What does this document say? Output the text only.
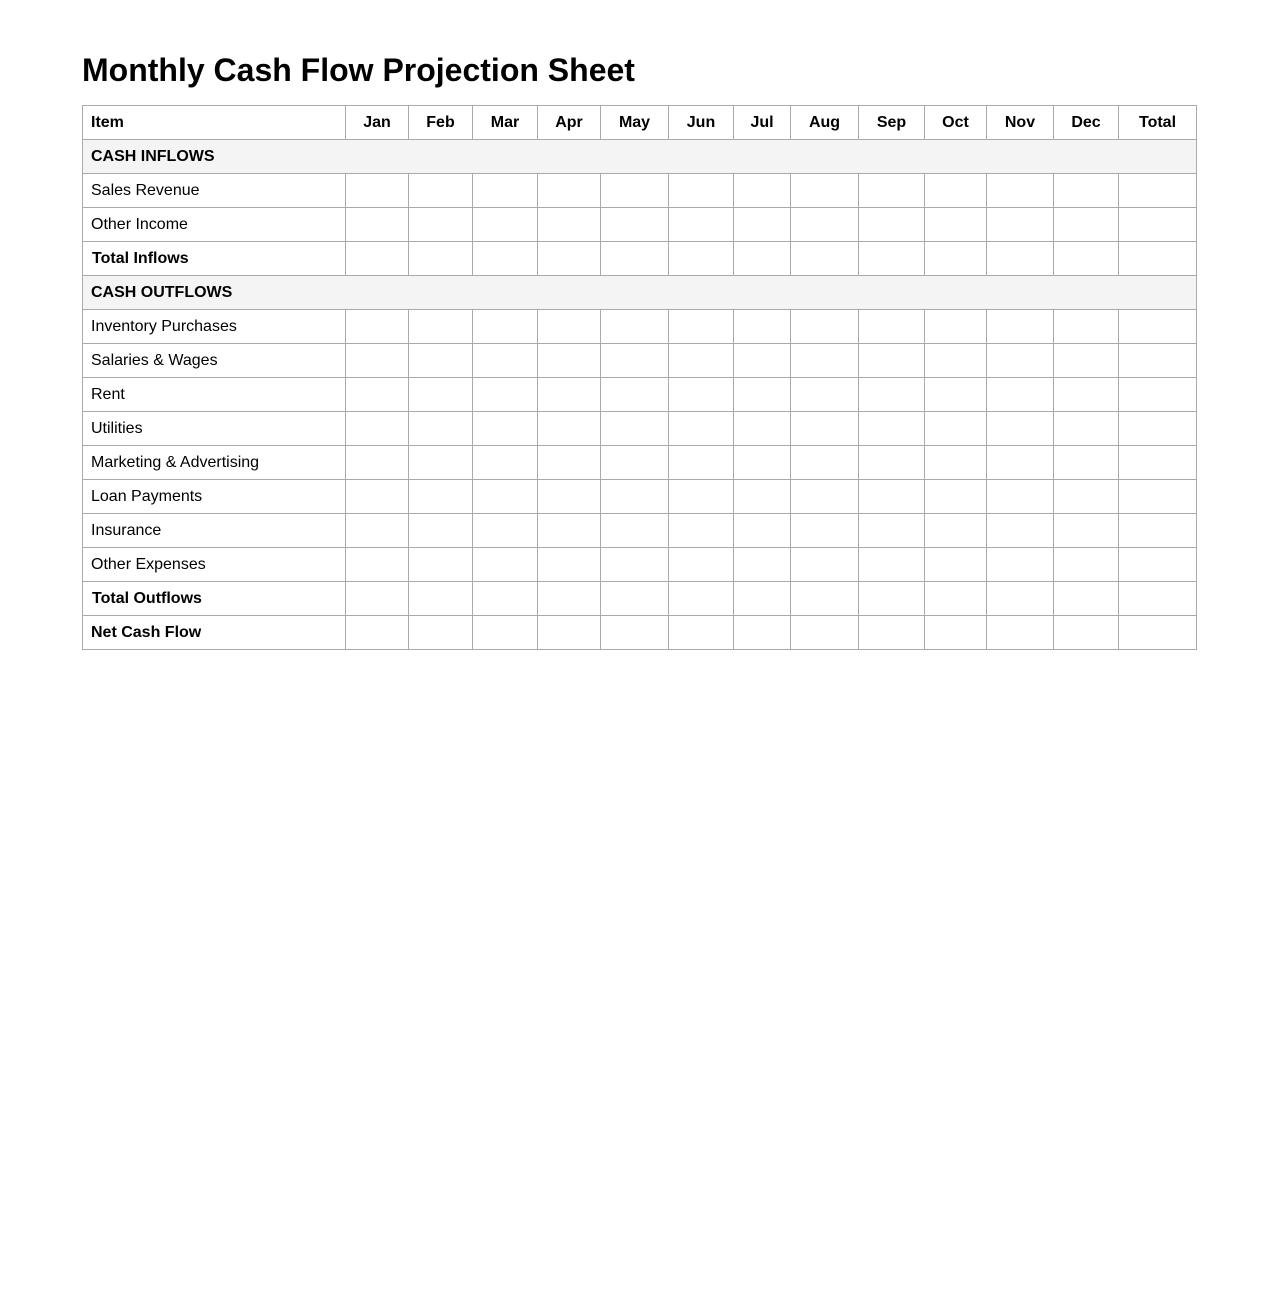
Monthly Cash Flow Projection Sheet
Item	Jan	Feb	Mar	Apr	May	Jun	Jul	Aug	Sep	Oct	Nov	Dec	Total
CASH INFLOWS													
Sales Revenue													
Other Income													
Total Inflows													
CASH OUTFLOWS													
Inventory Purchases													
Salaries & Wages													
Rent													
Utilities													
Marketing & Advertising													
Loan Payments													
Insurance													
Other Expenses													
Total Outflows													
Net Cash Flow													
